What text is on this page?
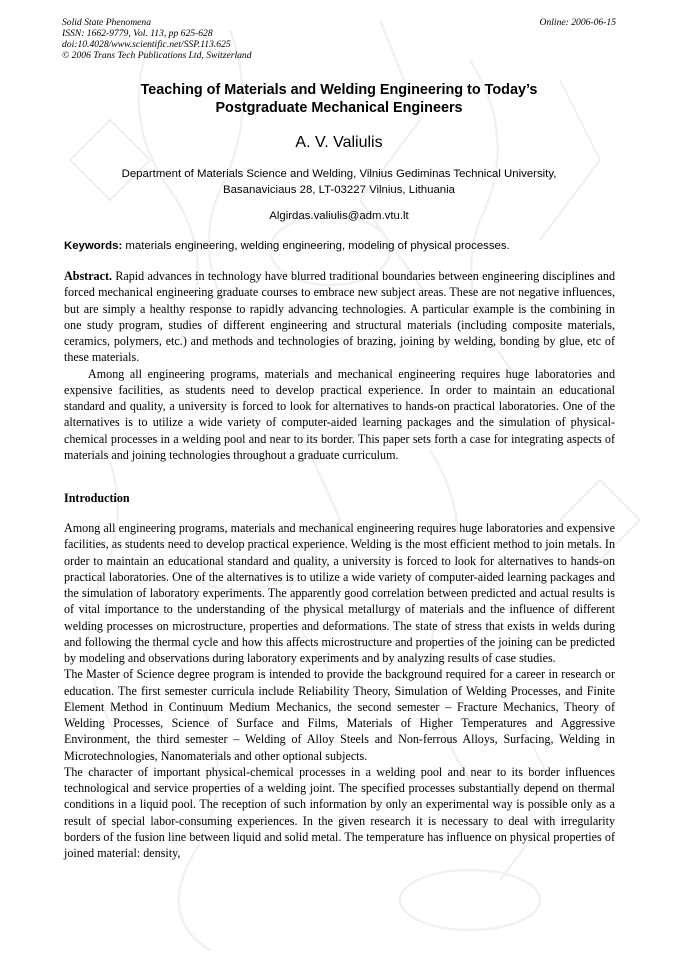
Solid State Phenomena
ISSN: 1662-9779, Vol. 113, pp 625-628
doi:10.4028/www.scientific.net/SSP.113.625
© 2006 Trans Tech Publications Ltd, Switzerland
Online: 2006-06-15
Teaching of Materials and Welding Engineering to Today’s
Postgraduate Mechanical Engineers
A. V. Valiulis
Department of Materials Science and Welding, Vilnius Gediminas Technical University,
Basanaviciaus 28, LT-03227 Vilnius, Lithuania
Algirdas.valiulis@adm.vtu.lt
Keywords: materials engineering, welding engineering, modeling of physical processes.

Abstract. Rapid advances in technology have blurred traditional boundaries between engineering disciplines and forced mechanical engineering graduate courses to embrace new subject areas. These are not negative influences, but are simply a healthy response to rapidly advancing technologies. A particular example is the combining in one study program, studies of different engineering and structural materials (including composite materials, ceramics, polymers, etc.) and methods and technologies of brazing, joining by welding, bonding by glue, etc of these materials.

Among all engineering programs, materials and mechanical engineering requires huge laboratories and expensive facilities, as students need to develop practical experience. In order to maintain an educational standard and quality, a university is forced to look for alternatives to hands-on practical laboratories. One of the alternatives is to utilize a wide variety of computer-aided learning packages and the simulation of physical-chemical processes in a welding pool and near to its border. This paper sets forth a case for integrating aspects of materials and joining technologies throughout a graduate curriculum.

Introduction

Among all engineering programs, materials and mechanical engineering requires huge laboratories and expensive facilities, as students need to develop practical experience. Welding is the most efficient method to join metals. In order to maintain an educational standard and quality, a university is forced to look for alternatives to hands-on practical laboratories. One of the alternatives is to utilize a wide variety of computer-aided learning packages and the simulation of laboratory experiments. The apparently good correlation between predicted and actual results is of vital importance to the understanding of the physical metallurgy of materials and the influence of different welding processes on microstructure, properties and deformations. The state of stress that exists in welds during and following the thermal cycle and how this affects microstructure and properties of the joining can be predicted by modeling and observations during laboratory experiments and by analyzing results of case studies.

The Master of Science degree program is intended to provide the background required for a career in research or education. The first semester curricula include Reliability Theory, Simulation of Welding Processes, and Finite Element Method in Continuum Medium Mechanics, the second semester – Fracture Mechanics, Theory of Welding Processes, Science of Surface and Films, Materials of Higher Temperatures and Aggressive Environment, the third semester – Welding of Alloy Steels and Non-ferrous Alloys, Surfacing, Welding in Microtechnologies, Nanomaterials and other optional subjects.

The character of important physical-chemical processes in a welding pool and near to its border influences technological and service properties of a welding joint. The specified processes substantially depend on thermal conditions in a liquid pool. The reception of such information by only an experimental way is possible only as a result of special labor-consuming experiences. In the given research it is necessary to deal with irregularity borders of the fusion line between liquid and solid metal. The temperature has influence on physical properties of joined material: density,
